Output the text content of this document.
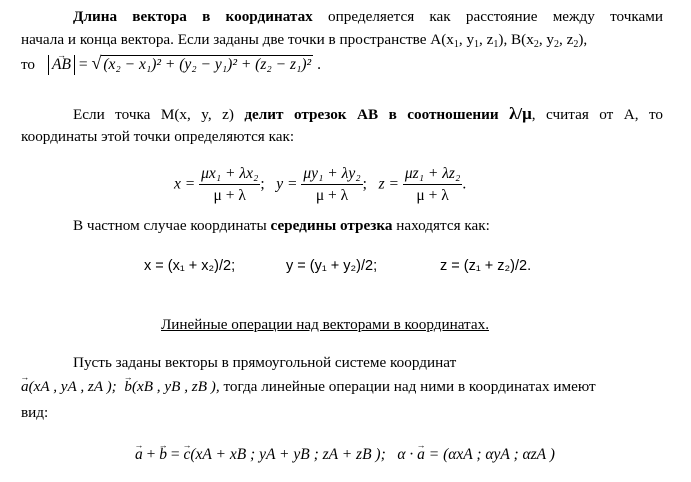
Длина вектора в координатах определяется как расстояние между точками
начала и конца вектора. Если заданы две точки в пространстве $A(x_1$, $y_1$, $z_1$), $B(x_2$, $y_2$, $z_2$),
то → AB = √ (x₂ − x₁)² + (y₂ − y₁)² + (z₂ − z₁)² .
Если точка M(x, y, z) делит отрезок AB в соотношении λ/μ, считая от A, то
координаты этой точки определяются как:
$x = \frac{\text{μx₁ + λx₂}}{\mu + \lambda}$ ; $y = \frac{\text{μy₁ + λy₂}}{\mu + \lambda}$ ; $z = \frac{\text{μz₁ + λz₂}}{\mu + \lambda}$ .
В частном случае координаты середины отрезка находятся как:
x = (x₁ + x₂)/2;	y = (y₁ + y₂)/2;	z = (z₁ + z₂)/2.
Линейные операции над векторами в координатах.
Пусть заданы векторы в прямоугольной системе координат
→ a(xA , yA , zA ); → b(xB , yB , zB ), тогда линейные операции над ними в координатах имеют
вид:
→ a + → b = → c(xA + xB ; yA + yB ; zA + zB ); α · → a = (αxA ; αyA ; αzA )
